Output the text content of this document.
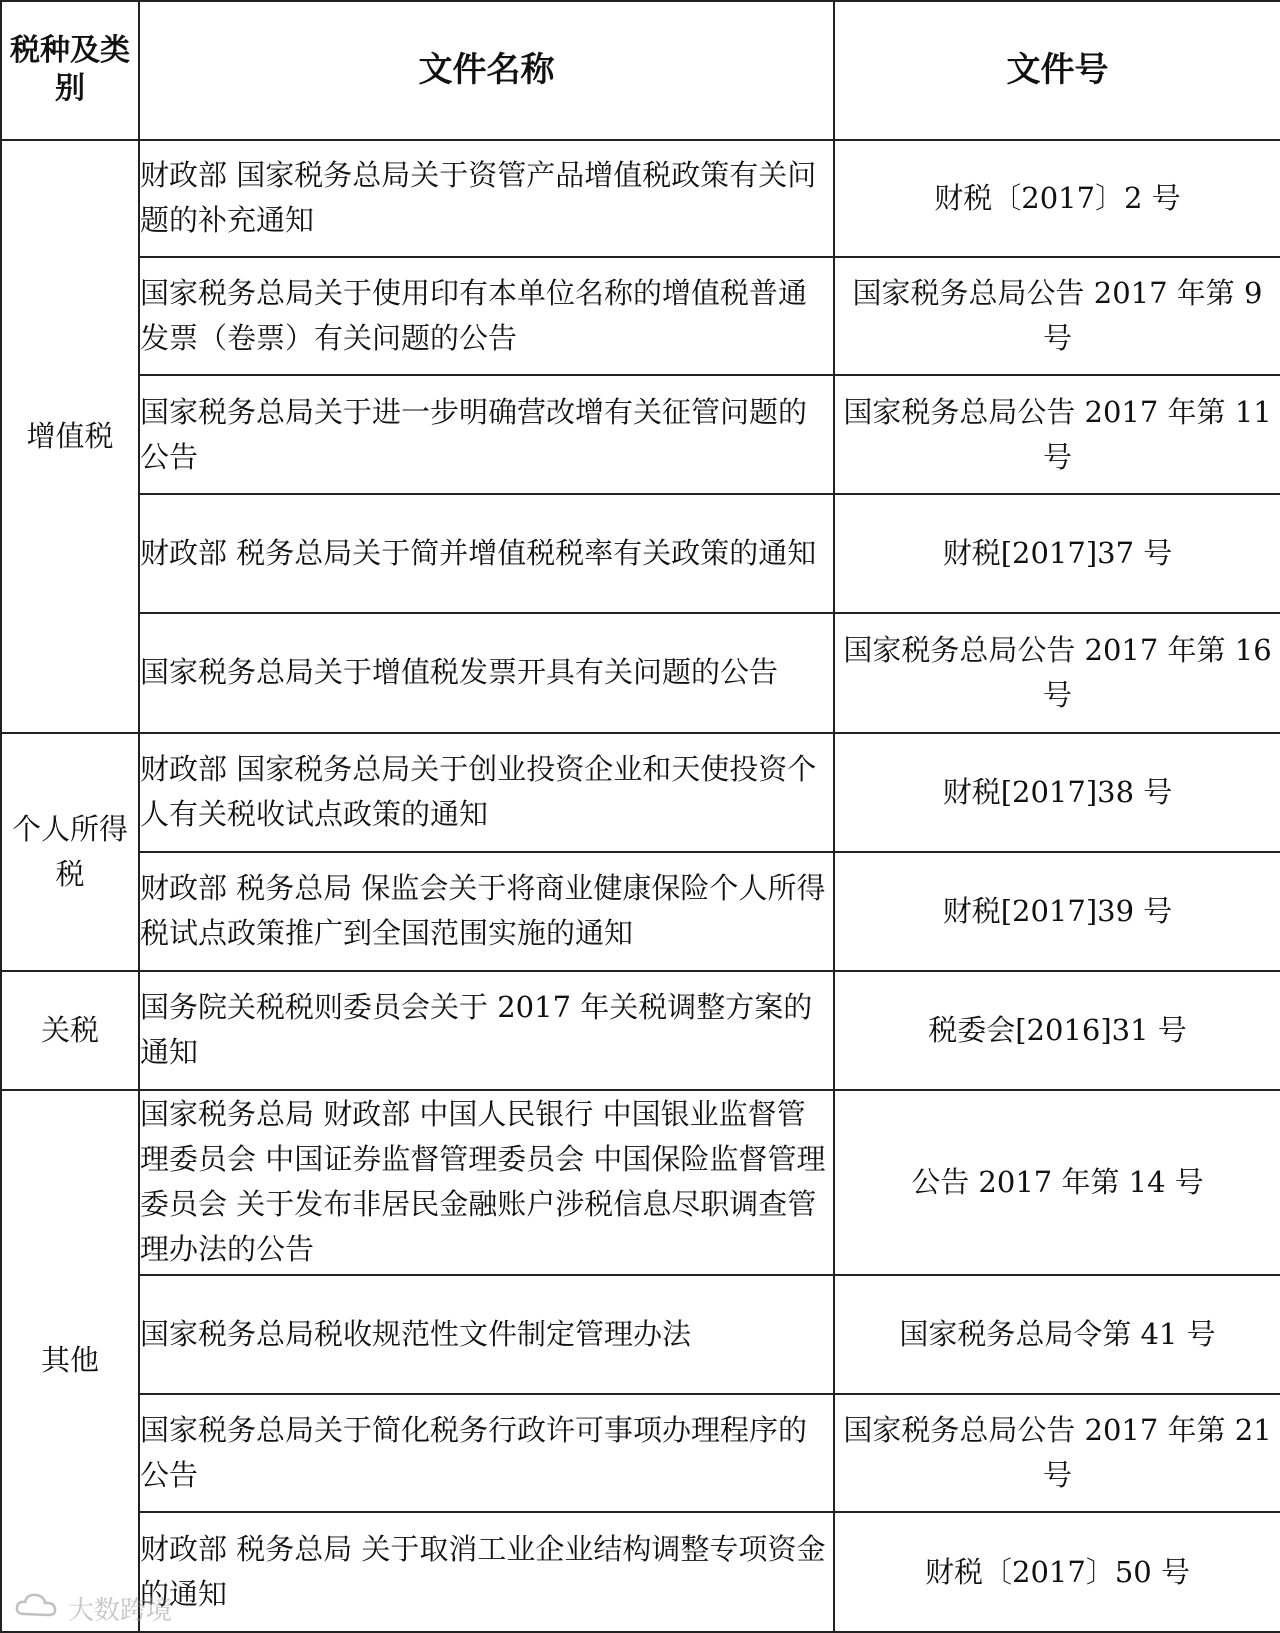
税种及类别	文件名称	文件号
增值税	财政部 国家税务总局关于资管产品增值税政策有关问题的补充通知	财税〔2017〕2 号
	国家税务总局关于使用印有本单位名称的增值税普通发票（卷票）有关问题的公告	国家税务总局公告 2017 年第 9 号
	国家税务总局关于进一步明确营改增有关征管问题的公告	国家税务总局公告 2017 年第 11 号
	财政部 税务总局关于简并增值税税率有关政策的通知	财税[2017]37 号
	国家税务总局关于增值税发票开具有关问题的公告	国家税务总局公告 2017 年第 16 号
个人所得税	财政部 国家税务总局关于创业投资企业和天使投资个人有关税收试点政策的通知	财税[2017]38 号
	财政部 税务总局 保监会关于将商业健康保险个人所得税试点政策推广到全国范围实施的通知	财税[2017]39 号
关税	国务院关税税则委员会关于 2017 年关税调整方案的通知	税委会[2016]31 号
其他	国家税务总局 财政部 中国人民银行 中国银业监督管理委员会 中国证券监督管理委员会 中国保险监督管理委员会 关于发布非居民金融账户涉税信息尽职调查管理办法的公告	公告 2017 年第 14 号
	国家税务总局税收规范性文件制定管理办法	国家税务总局令第 41 号
	国家税务总局关于简化税务行政许可事项办理程序的公告	国家税务总局公告 2017 年第 21 号
	财政部 税务总局 关于取消工业企业结构调整专项资金的通知	财税〔2017〕50 号
大数跨境
